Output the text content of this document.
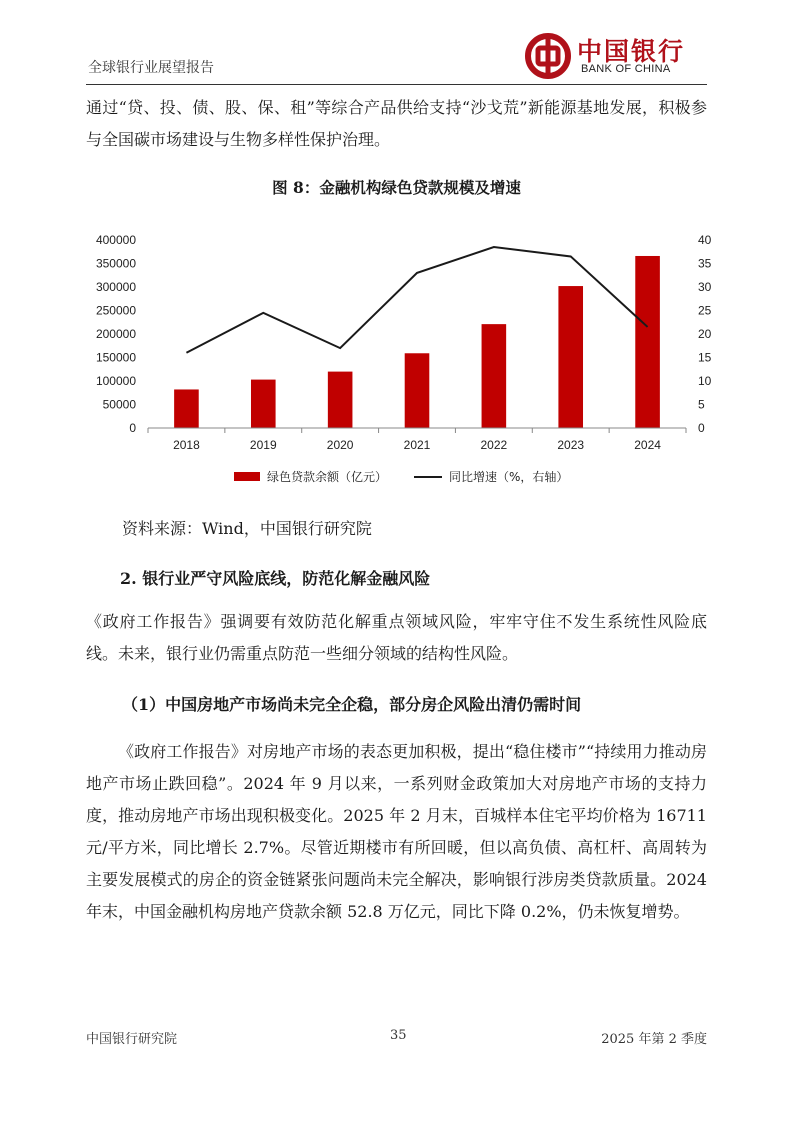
全球银行业展望报告
中国银行
BANK OF CHINA

通过“贷、投、债、股、保、租”等综合产品供给支持“沙戈荒”新能源基地发展，积极参与全国碳市场建设与生物多样性保护治理。

图 8：金融机构绿色贷款规模及增速

0
50000
100000
150000
200000
250000
300000
350000
400000
0
5
10
15
20
25
30
35
40
2018	2019	2020	2021	2022	2023	2024
绿色贷款余额（亿元）	同比增速（%，右轴）
资料来源：Wind，中国银行研究院

2. 银行业严守风险底线，防范化解金融风险

《政府工作报告》强调要有效防范化解重点领域风险，牢牢守住不发生系统性风险底线。未来，银行业仍需重点防范一些细分领域的结构性风险。

（1）中国房地产市场尚未完全企稳，部分房企风险出清仍需时间

《政府工作报告》对房地产市场的表态更加积极，提出“稳住楼市”“持续用力推动房地产市场止跌回稳”。2024 年 9 月以来，一系列财金政策加大对房地产市场的支持力度，推动房地产市场出现积极变化。2025 年 2 月末，百城样本住宅平均价格为 16711 元/平方米，同比增长 2.7%。尽管近期楼市有所回暖，但以高负债、高杠杆、高周转为主要发展模式的房企的资金链紧张问题尚未完全解决，影响银行涉房类贷款质量。2024 年末，中国金融机构房地产贷款余额 52.8 万亿元，同比下降 0.2%，仍未恢复增势。

中国银行研究院	35	2025 年第 2 季度
